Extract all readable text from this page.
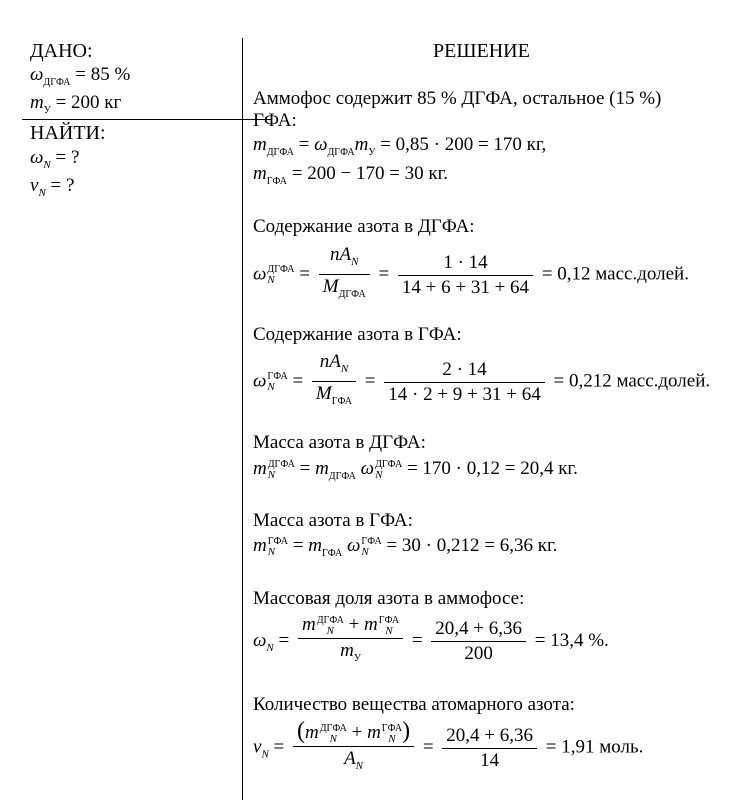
ДАНО:
$\omega_{ДГФА} = 85$ %
$m_У = 200$ кг
НАЙТИ:
$\omega_N$ = ?
$\nu_N$ = ?
РЕШЕНИЕ
Аммофос содержит 85 % ДГФА, остальное (15 %)
ГФА:
$m_{ДГФА} = \omega_{ДГФА}m_У = 0,85 \cdot 200 = 170$ кг,
$m_{ГФА} = 200 - 170 = 30$ кг.
Содержание азота в ДГФА:
ω ДГФА
N	= $\frac{nA_N}{M_{ДГФА}} = \frac{1 \cdot 14}{14 + 6 + 31 + 64} = 0,12$ масс.долей.
Содержание азота в ГФА:
ω ГФА
$N = \frac{nA_N}{M_{ГФА}} = \frac{2 \cdot 14}{14 \cdot 2 + 9 + 31 + 64} = 0,212$ масс.долей.
Масса азота в ДГФА:
m ДГФА
N	= $m_{ДГФА}$ ω ДГФА
N	= 170 · 0,12 = 20,4 кг.
Масса азота в ГФА:
m ГФА
$N = m_{ГФА}$ ω ГФА
N = 30 · 0,212 = 6,36 кг.
Массовая доля азота в аммофосе:
$\omega_N = m$ ДГФА
N + m ГФА
N
$m_У = \frac{20,4 + 6,36}{200} = 13,4$ %.
Количество вещества атомарного азота:
$\nu_N = (m$ ДГФА
N + m ГФА
N )
$A_N = \frac{20,4 + 6,36}{14} = 1,91$ моль.
